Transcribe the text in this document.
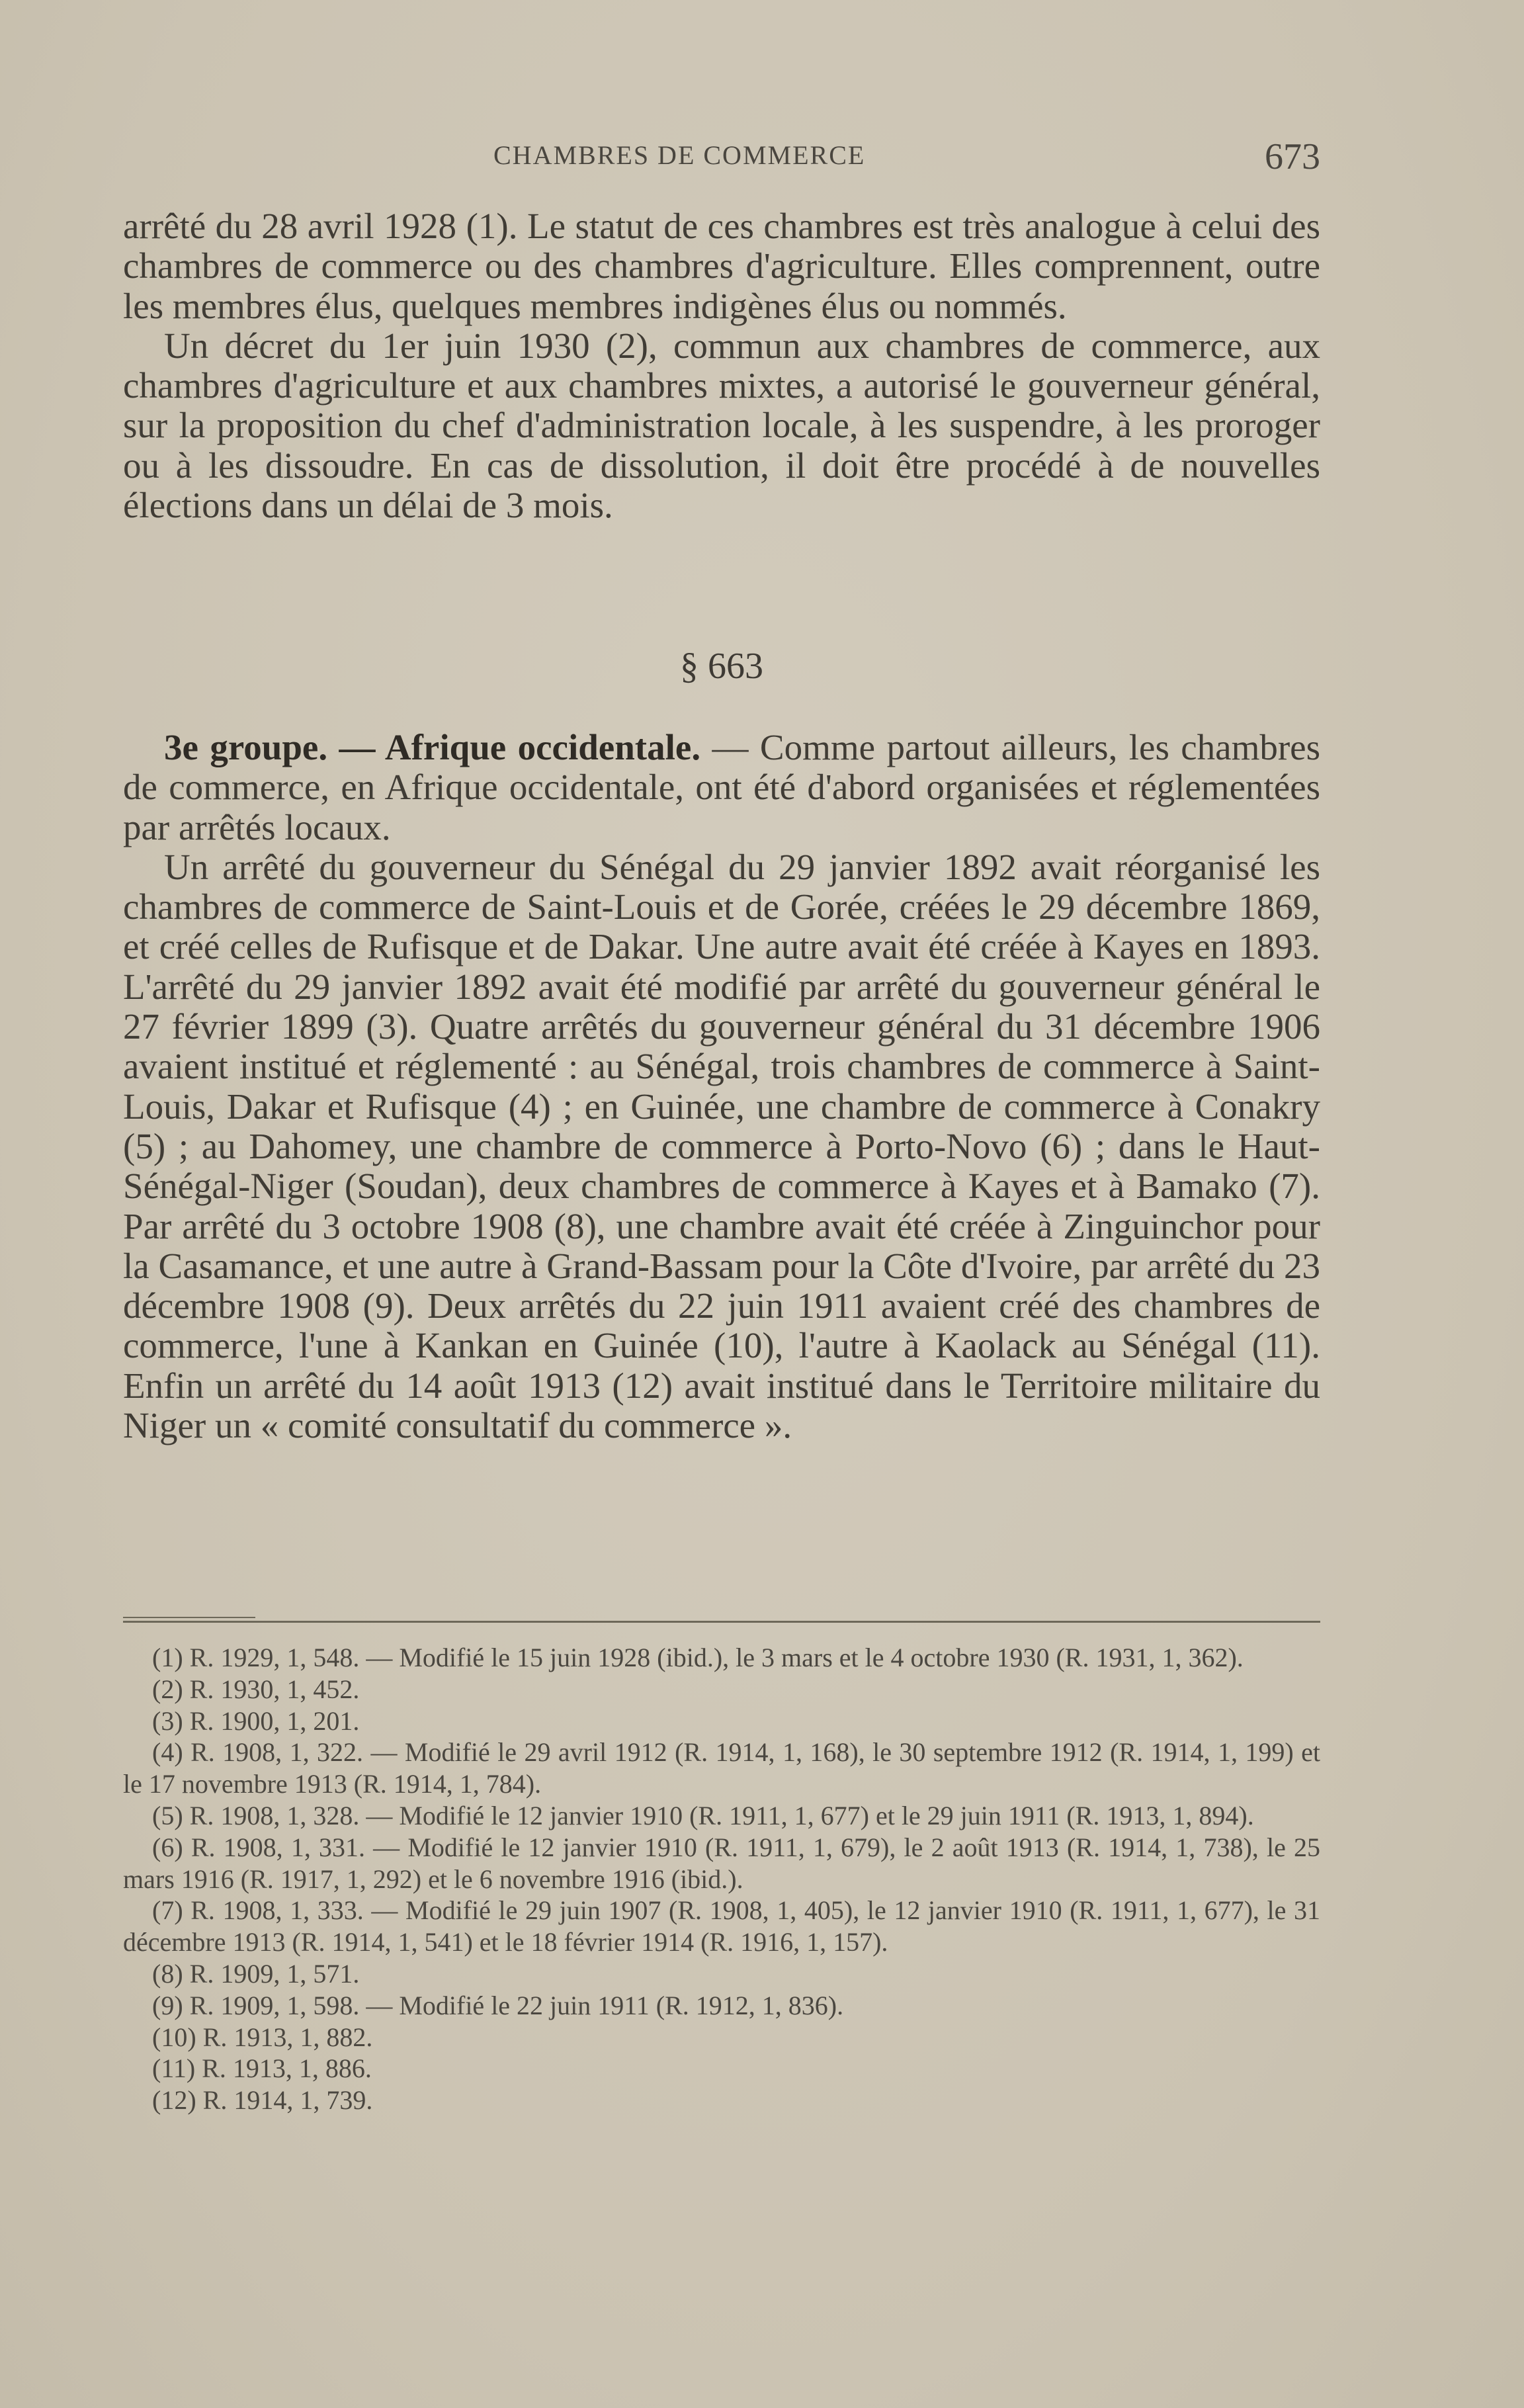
CHAMBRES DE COMMERCE	673

arrêté du 28 avril 1928 (1). Le statut de ces chambres est très analogue à celui des chambres de commerce ou des chambres d'agriculture. Elles comprennent, outre les membres élus, quelques membres indigènes élus ou nommés.

Un décret du 1er juin 1930 (2), commun aux chambres de commerce, aux chambres d'agriculture et aux chambres mixtes, a autorisé le gouverneur général, sur la proposition du chef d'administration locale, à les suspendre, à les proroger ou à les dissoudre. En cas de dissolution, il doit être procédé à de nouvelles élections dans un délai de 3 mois.

§ 663

3e groupe. — Afrique occidentale. — Comme partout ailleurs, les chambres de commerce, en Afrique occidentale, ont été d'abord organisées et réglementées par arrêtés locaux.

Un arrêté du gouverneur du Sénégal du 29 janvier 1892 avait réorganisé les chambres de commerce de Saint-Louis et de Gorée, créées le 29 décembre 1869, et créé celles de Rufisque et de Dakar. Une autre avait été créée à Kayes en 1893. L'arrêté du 29 janvier 1892 avait été modifié par arrêté du gouverneur général le 27 février 1899 (3). Quatre arrêtés du gouverneur général du 31 décembre 1906 avaient institué et réglementé : au Sénégal, trois chambres de commerce à Saint-Louis, Dakar et Rufisque (4) ; en Guinée, une chambre de commerce à Conakry (5) ; au Dahomey, une chambre de commerce à Porto-Novo (6) ; dans le Haut-Sénégal-Niger (Soudan), deux chambres de commerce à Kayes et à Bamako (7). Par arrêté du 3 octobre 1908 (8), une chambre avait été créée à Zinguinchor pour la Casamance, et une autre à Grand-Bassam pour la Côte d'Ivoire, par arrêté du 23 décembre 1908 (9). Deux arrêtés du 22 juin 1911 avaient créé des chambres de commerce, l'une à Kankan en Guinée (10), l'autre à Kaolack au Sénégal (11). Enfin un arrêté du 14 août 1913 (12) avait institué dans le Territoire militaire du Niger un « comité consultatif du commerce ».

(1) R. 1929, 1, 548. — Modifié le 15 juin 1928 (ibid.), le 3 mars et le 4 octobre 1930 (R. 1931, 1, 362).

(2) R. 1930, 1, 452.

(3) R. 1900, 1, 201.

(4) R. 1908, 1, 322. — Modifié le 29 avril 1912 (R. 1914, 1, 168), le 30 septembre 1912 (R. 1914, 1, 199) et le 17 novembre 1913 (R. 1914, 1, 784).

(5) R. 1908, 1, 328. — Modifié le 12 janvier 1910 (R. 1911, 1, 677) et le 29 juin 1911 (R. 1913, 1, 894).

(6) R. 1908, 1, 331. — Modifié le 12 janvier 1910 (R. 1911, 1, 679), le 2 août 1913 (R. 1914, 1, 738), le 25 mars 1916 (R. 1917, 1, 292) et le 6 novembre 1916 (ibid.).

(7) R. 1908, 1, 333. — Modifié le 29 juin 1907 (R. 1908, 1, 405), le 12 janvier 1910 (R. 1911, 1, 677), le 31 décembre 1913 (R. 1914, 1, 541) et le 18 février 1914 (R. 1916, 1, 157).

(8) R. 1909, 1, 571.

(9) R. 1909, 1, 598. — Modifié le 22 juin 1911 (R. 1912, 1, 836).

(10) R. 1913, 1, 882.

(11) R. 1913, 1, 886.

(12) R. 1914, 1, 739.
